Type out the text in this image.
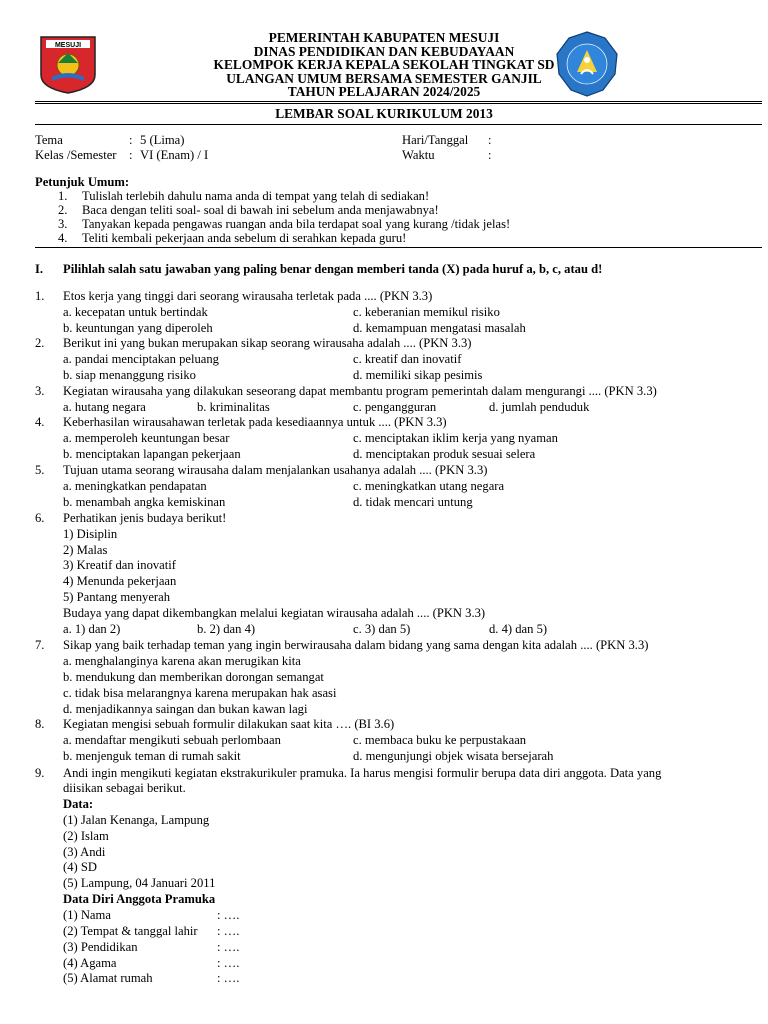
MESUJI
PEMERINTAH KABUPATEN MESUJI
DINAS PENDIDIKAN DAN KEBUDAYAAN
KELOMPOK KERJA KEPALA SEKOLAH TINGKAT SD
ULANGAN UMUM BERSAMA SEMESTER GANJIL
TAHUN PELAJARAN 2024/2025
LEMBAR SOAL KURIKULUM 2013
Tema	: 5 (Lima)
Kelas /Semester : VI (Enam) / I
Hari/Tanggal :
Waktu	:
Petunjuk Umum:
1. Tulislah terlebih dahulu nama anda di tempat yang telah di sediakan!
2. Baca dengan teliti soal- soal di bawah ini sebelum anda menjawabnya!
3. Tanyakan kepada pengawas ruangan anda bila terdapat soal yang kurang /tidak jelas!
4. Teliti kembali pekerjaan anda sebelum di serahkan kepada guru!
I. Pilihlah salah satu jawaban yang paling benar dengan memberi tanda (X) pada huruf a, b, c, atau d!
1. Etos kerja yang tinggi dari seorang wirausaha terletak pada .... (PKN 3.3)
a. kecepatan untuk bertindak	c. keberanian memikul risiko
b. keuntungan yang diperoleh	d. kemampuan mengatasi masalah
2. Berikut ini yang bukan merupakan sikap seorang wirausaha adalah .... (PKN 3.3)
a. pandai menciptakan peluang	c. kreatif dan inovatif
b. siap menanggung risiko	d. memiliki sikap pesimis
3. Kegiatan wirausaha yang dilakukan seseorang dapat membantu program pemerintah dalam mengurangi .... (PKN 3.3)
a. hutang negara	b. kriminalitas	c. pengangguran	d. jumlah penduduk
4. Keberhasilan wirausahawan terletak pada kesediaannya untuk .... (PKN 3.3)
a. memperoleh keuntungan besar	c. menciptakan iklim kerja yang nyaman
b. menciptakan lapangan pekerjaan	d. menciptakan produk sesuai selera
5. Tujuan utama seorang wirausaha dalam menjalankan usahanya adalah .... (PKN 3.3)
a. meningkatkan pendapatan	c. meningkatkan utang negara
b. menambah angka kemiskinan	d. tidak mencari untung
6. Perhatikan jenis budaya berikut!
1) Disiplin
2) Malas
3) Kreatif dan inovatif
4) Menunda pekerjaan
5) Pantang menyerah
Budaya yang dapat dikembangkan melalui kegiatan wirausaha adalah .... (PKN 3.3)
a. 1) dan 2)	b. 2) dan 4)	c. 3) dan 5)	d. 4) dan 5)
7. Sikap yang baik terhadap teman yang ingin berwirausaha dalam bidang yang sama dengan kita adalah .... (PKN 3.3)
a. menghalanginya karena akan merugikan kita
b. mendukung dan memberikan dorongan semangat
c. tidak bisa melarangnya karena merupakan hak asasi
d. menjadikannya saingan dan bukan kawan lagi
8. Kegiatan mengisi sebuah formulir dilakukan saat kita …. (BI 3.6)
a. mendaftar mengikuti sebuah perlombaan	c. membaca buku ke perpustakaan
b. menjenguk teman di rumah sakit	d. mengunjungi objek wisata bersejarah
9. Andi ingin mengikuti kegiatan ekstrakurikuler pramuka. Ia harus mengisi formulir berupa data diri anggota. Data yang
diisikan sebagai berikut.
Data:
(1) Jalan Kenanga, Lampung
(2) Islam
(3) Andi
(4) SD
(5) Lampung, 04 Januari 2011
Data Diri Anggota Pramuka
(1) Nama	: ….
(2) Tempat & tanggal lahir : ….
(3) Pendidikan	: ….
(4) Agama	: ….
(5) Alamat rumah	: ….
